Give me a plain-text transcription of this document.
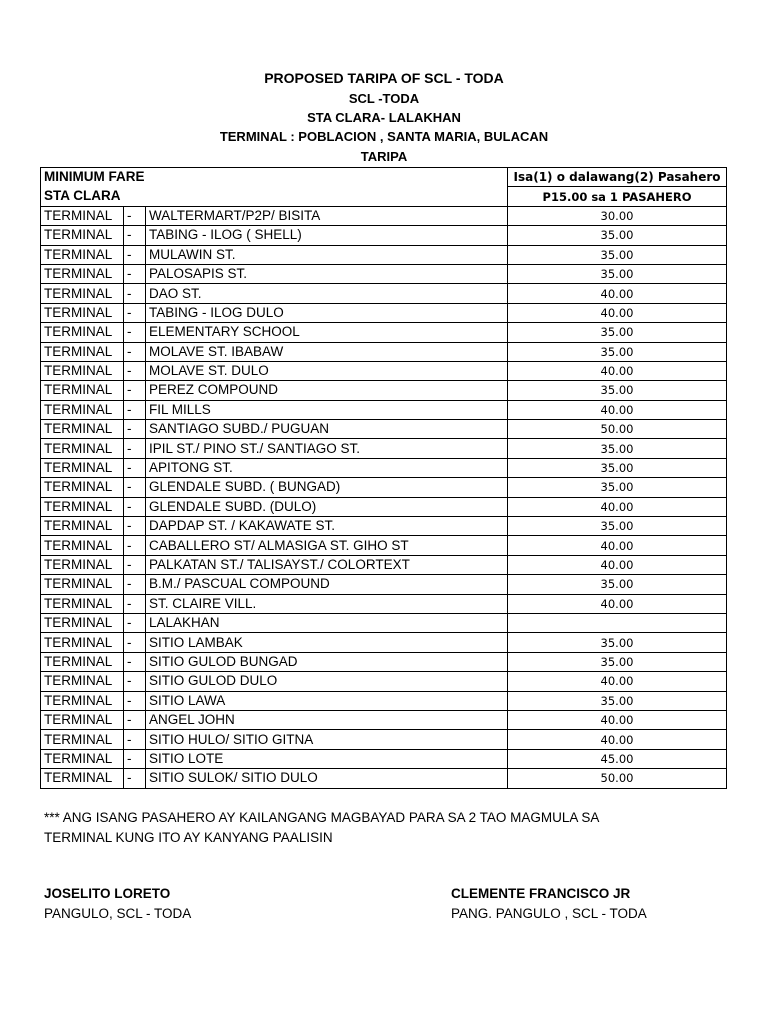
PROPOSED TARIPA OF SCL - TODA
SCL -TODA
STA CLARA- LALAKHAN
TERMINAL : POBLACION , SANTA MARIA, BULACAN
TARIPA
MINIMUM FARE			Isa(1) o dalawang(2) Pasahero
STA CLARA			P15.00 sa 1 PASAHERO
TERMINAL	-	WALTERMART/P2P/ BISITA	30.00
TERMINAL	-	TABING - ILOG ( SHELL)	35.00
TERMINAL	-	MULAWIN ST.	35.00
TERMINAL	-	PALOSAPIS ST.	35.00
TERMINAL	-	DAO ST.	40.00
TERMINAL	-	TABING - ILOG DULO	40.00
TERMINAL	-	ELEMENTARY SCHOOL	35.00
TERMINAL	-	MOLAVE ST. IBABAW	35.00
TERMINAL	-	MOLAVE ST. DULO	40.00
TERMINAL	-	PEREZ COMPOUND	35.00
TERMINAL	-	FIL MILLS	40.00
TERMINAL	-	SANTIAGO SUBD./ PUGUAN	50.00
TERMINAL	-	IPIL ST./ PINO ST./ SANTIAGO ST.	35.00
TERMINAL	-	APITONG ST.	35.00
TERMINAL	-	GLENDALE SUBD. ( BUNGAD)	35.00
TERMINAL	-	GLENDALE SUBD. (DULO)	40.00
TERMINAL	-	DAPDAP ST. / KAKAWATE ST.	35.00
TERMINAL	-	CABALLERO ST/ ALMASIGA ST. GIHO ST	40.00
TERMINAL	-	PALKATAN ST./ TALISAYST./ COLORTEXT	40.00
TERMINAL	-	B.M./ PASCUAL COMPOUND	35.00
TERMINAL	-	ST. CLAIRE VILL.	40.00
TERMINAL	-	LALAKHAN	
TERMINAL	-	SITIO LAMBAK	35.00
TERMINAL	-	SITIO GULOD BUNGAD	35.00
TERMINAL	-	SITIO GULOD DULO	40.00
TERMINAL	-	SITIO LAWA	35.00
TERMINAL	-	ANGEL JOHN	40.00
TERMINAL	-	SITIO HULO/ SITIO GITNA	40.00
TERMINAL	-	SITIO LOTE	45.00
TERMINAL	-	SITIO SULOK/ SITIO DULO	50.00
*** ANG ISANG PASAHERO AY KAILANGANG MAGBAYAD PARA SA 2 TAO MAGMULA SA
TERMINAL KUNG ITO AY KANYANG PAALISIN
JOSELITO LORETO
PANGULO, SCL - TODA
CLEMENTE FRANCISCO JR
PANG. PANGULO , SCL - TODA
